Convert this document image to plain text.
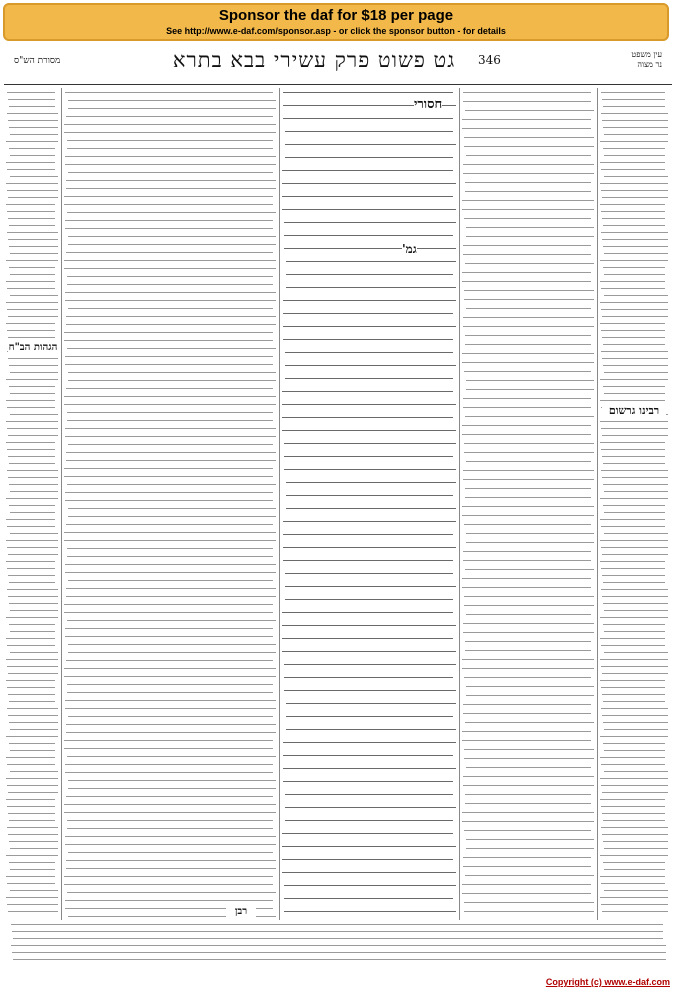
Sponsor the daf for $18 per page
See http://www.e-daf.com/sponsor.asp - or click the sponsor button - for details
מסורת הש"ס	גט פשוט פרק עשירי בבא בתרא	346	עין משפט
נר מצוה
חסורי
גמ'
הגהות הב"ח
רבינו גרשום
רבן
Copyright (c) www.e-daf.com
